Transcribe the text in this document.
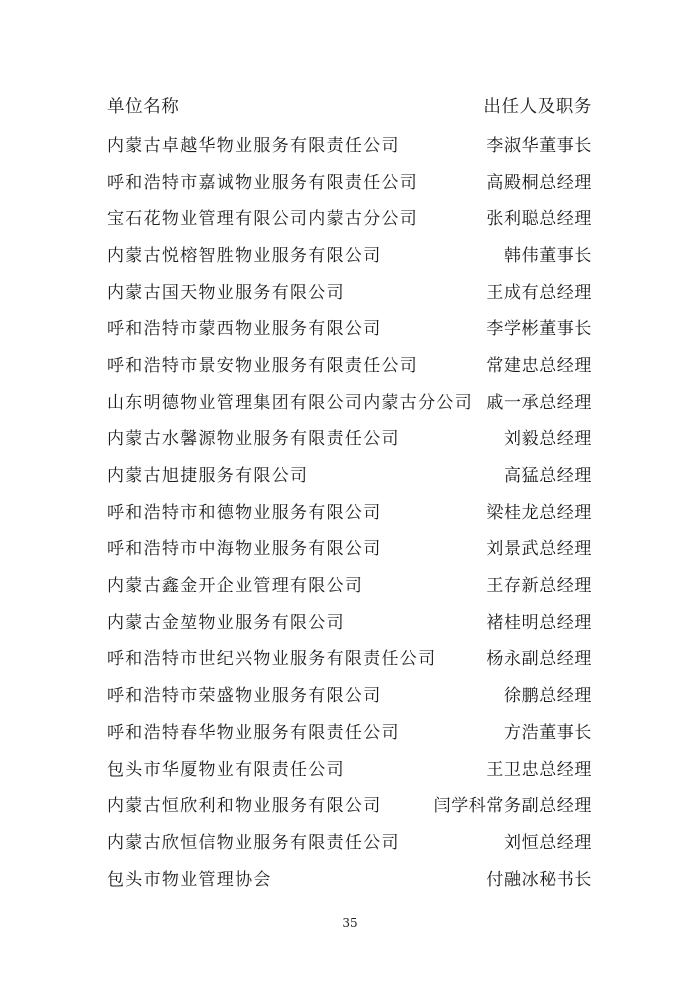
单位名称	出任人及职务
内蒙古卓越华物业服务有限责任公司	李淑华董事长
呼和浩特市嘉诚物业服务有限责任公司	高殿桐总经理
宝石花物业管理有限公司内蒙古分公司	张利聪总经理
内蒙古悦榕智胜物业服务有限公司	韩伟董事长
内蒙古国天物业服务有限公司	王成有总经理
呼和浩特市蒙西物业服务有限公司	李学彬董事长
呼和浩特市景安物业服务有限责任公司	常建忠总经理
山东明德物业管理集团有限公司内蒙古分公司 戚一承总经理
内蒙古水馨源物业服务有限责任公司	刘毅总经理
内蒙古旭捷服务有限公司	高猛总经理
呼和浩特市和德物业服务有限公司	梁桂龙总经理
呼和浩特市中海物业服务有限公司	刘景武总经理
内蒙古鑫金开企业管理有限公司	王存新总经理
内蒙古金堃物业服务有限公司	褚桂明总经理
呼和浩特市世纪兴物业服务有限责任公司	杨永副总经理
呼和浩特市荣盛物业服务有限公司	徐鹏总经理
呼和浩特春华物业服务有限责任公司	方浩董事长
包头市华厦物业有限责任公司	王卫忠总经理
内蒙古恒欣利和物业服务有限公司	闫学科常务副总经理
内蒙古欣恒信物业服务有限责任公司	刘恒总经理
包头市物业管理协会	付融冰秘书长
35
